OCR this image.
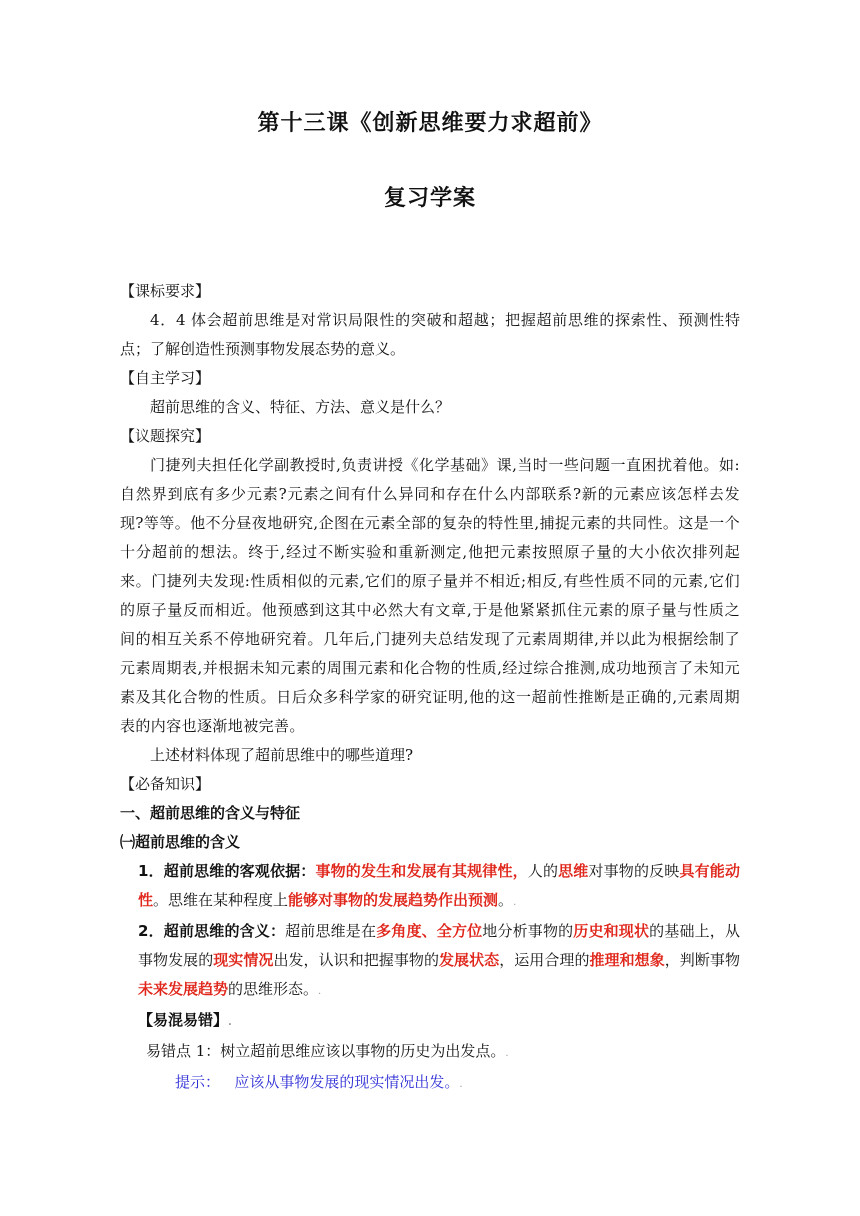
第十三课《创新思维要力求超前》
复习学案

【课标要求】

4．4 体会超前思维是对常识局限性的突破和超越；把握超前思维的探索性、预测性特点；了解创造性预测事物发展态势的意义。

【自主学习】

超前思维的含义、特征、方法、意义是什么？

【议题探究】

门捷列夫担任化学副教授时,负责讲授《化学基础》课,当时一些问题一直困扰着他。如:自然界到底有多少元素?元素之间有什么异同和存在什么内部联系?新的元素应该怎样去发现?等等。他不分昼夜地研究,企图在元素全部的复杂的特性里,捕捉元素的共同性。这是一个十分超前的想法。终于,经过不断实验和重新测定,他把元素按照原子量的大小依次排列起来。门捷列夫发现:性质相似的元素,它们的原子量并不相近;相反,有些性质不同的元素,它们的原子量反而相近。他预感到这其中必然大有文章,于是他紧紧抓住元素的原子量与性质之间的相互关系不停地研究着。几年后,门捷列夫总结发现了元素周期律,并以此为根据绘制了元素周期表,并根据未知元素的周围元素和化合物的性质,经过综合推测,成功地预言了未知元素及其化合物的性质。日后众多科学家的研究证明,他的这一超前性推断是正确的,元素周期表的内容也逐渐地被完善。

上述材料体现了超前思维中的哪些道理?

【必备知识】

一、超前思维的含义与特征

㈠超前思维的含义

1．超前思维的客观依据：事物的发生和发展有其规律性，人的思维对事物的反映具有能动性。思维在某种程度上能够对事物的发展趋势作出预测。.

2．超前思维的含义：超前思维是在多角度、全方位地分析事物的历史和现状的基础上，从事物发展的现实情况出发，认识和把握事物的发展状态，运用合理的推理和想象，判断事物未来发展趋势的思维形态。.

【易混易错】.

易错点 1：树立超前思维应该以事物的历史为出发点。.

提示： 应该从事物发展的现实情况出发。.
